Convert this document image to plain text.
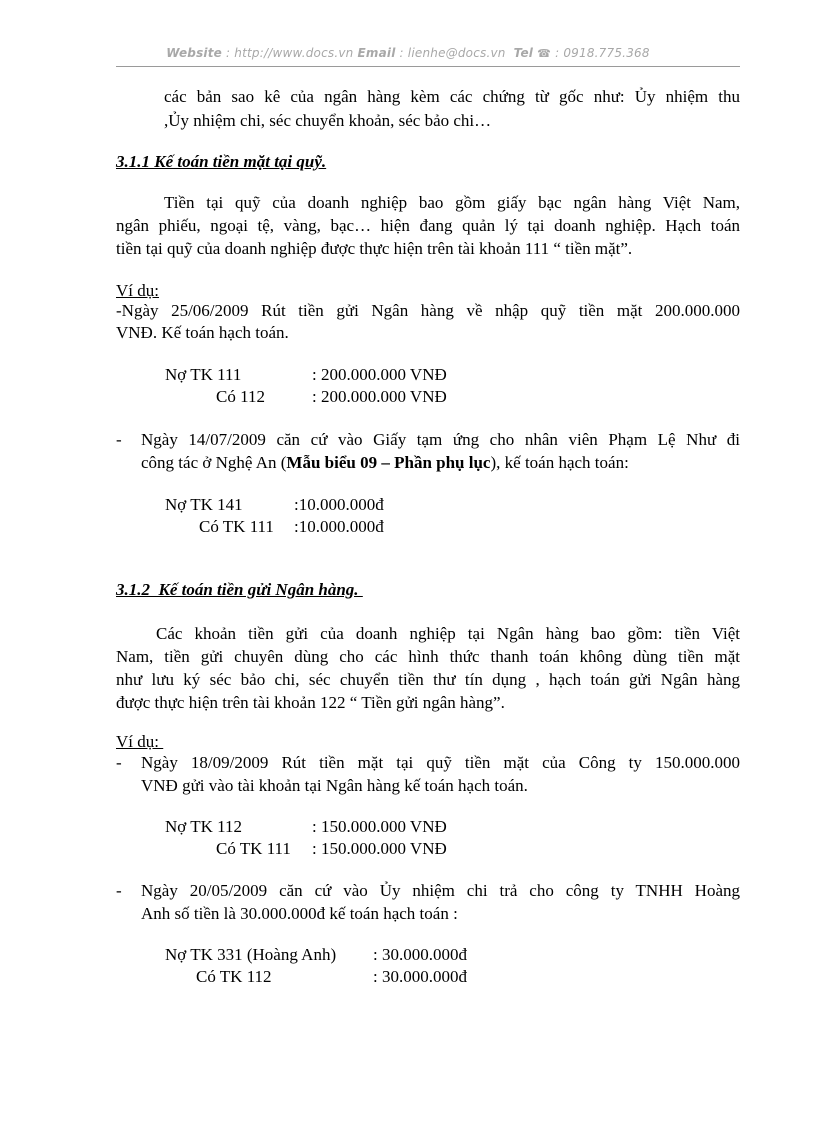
Website : http://www.docs.vn Email : lienhe@docs.vn Tel ☎ : 0918.775.368
các bản sao kê của ngân hàng kèm các chứng từ gốc như: Ủy nhiệm thu
,Ủy nhiệm chi, séc chuyển khoản, séc bảo chi…
3.1.1 Kế toán tiền mặt tại quỹ.
Tiền tại quỹ của doanh nghiệp bao gồm giấy bạc ngân hàng Việt Nam,
ngân phiếu, ngoại tệ, vàng, bạc… hiện đang quản lý tại doanh nghiệp. Hạch toán
tiền tại quỹ của doanh nghiệp được thực hiện trên tài khoản 111 “ tiền mặt”.
Ví dụ:
-Ngày 25/06/2009 Rút tiền gửi Ngân hàng về nhập quỹ tiền mặt 200.000.000
VNĐ. Kế toán hạch toán.
Nợ TK 111	: 200.000.000 VNĐ
Có 112	: 200.000.000 VNĐ
- Ngày 14/07/2009 căn cứ vào Giấy tạm ứng cho nhân viên Phạm Lệ Như đi
công tác ở Nghệ An (Mẫu biểu 09 – Phần phụ lục), kế toán hạch toán:
Nợ TK 141	:10.000.000đ
Có TK 111 :10.000.000đ
3.1.2  Kế toán tiền gửi Ngân hàng.
Các khoản tiền gửi của doanh nghiệp tại Ngân hàng bao gồm: tiền Việt
Nam, tiền gửi chuyên dùng cho các hình thức thanh toán không dùng tiền mặt
như lưu ký séc bảo chi, séc chuyển tiền thư tín dụng , hạch toán gửi Ngân hàng
được thực hiện trên tài khoản 122 “ Tiền gửi ngân hàng”.
Ví dụ:
- Ngày 18/09/2009 Rút tiền mặt tại quỹ tiền mặt của Công ty 150.000.000
VNĐ gửi vào tài khoản tại Ngân hàng kế toán hạch toán.
Nợ TK 112	: 150.000.000 VNĐ
Có TK 111 : 150.000.000 VNĐ
- Ngày 20/05/2009 căn cứ vào Ủy nhiệm chi trả cho công ty TNHH Hoàng
Anh số tiền là 30.000.000đ kế toán hạch toán :
Nợ TK 331 (Hoàng Anh) : 30.000.000đ
Có TK 112	: 30.000.000đ
